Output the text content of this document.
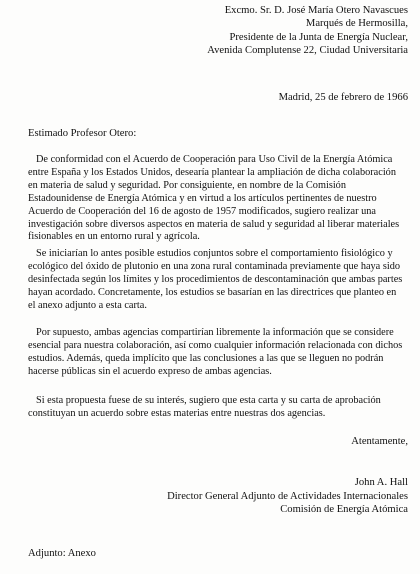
Excmo. Sr. D. José María Otero Navascues
Marqués de Hermosilla,
Presidente de la Junta de Energía Nuclear,
Avenida Complutense 22, Ciudad Universitaria
Madrid, 25 de febrero de 1966
Estimado Profesor Otero:

De conformidad con el Acuerdo de Cooperación para Uso Civil de la Energía Atómica entre España y los Estados Unidos, desearía plantear la ampliación de dicha colaboración en materia de salud y seguridad. Por consiguiente, en nombre de la Comisión Estadounidense de Energía Atómica y en virtud a los artículos pertinentes de nuestro Acuerdo de Cooperación del 16 de agosto de 1957 modificados, sugiero realizar una investigación sobre diversos aspectos en materia de salud y seguridad al liberar materiales fisionables en un entorno rural y agrícola.

Se iniciarían lo antes posible estudios conjuntos sobre el comportamiento fisiológico y ecológico del óxido de plutonio en una zona rural contaminada previamente que haya sido desinfectada según los límites y los procedimientos de descontaminación que ambas partes hayan acordado. Concretamente, los estudios se basarían en las directrices que planteo en el anexo adjunto a esta carta.

Por supuesto, ambas agencias compartirían libremente la información que se considere esencial para nuestra colaboración, así como cualquier información relacionada con dichos estudios. Además, queda implícito que las conclusiones a las que se lleguen no podrán hacerse públicas sin el acuerdo expreso de ambas agencias.

Si esta propuesta fuese de su interés, sugiero que esta carta y su carta de aprobación constituyan un acuerdo sobre estas materias entre nuestras dos agencias.

Atentamente,
John A. Hall
Director General Adjunto de Actividades Internacionales
Comisión de Energía Atómica
Adjunto: Anexo
